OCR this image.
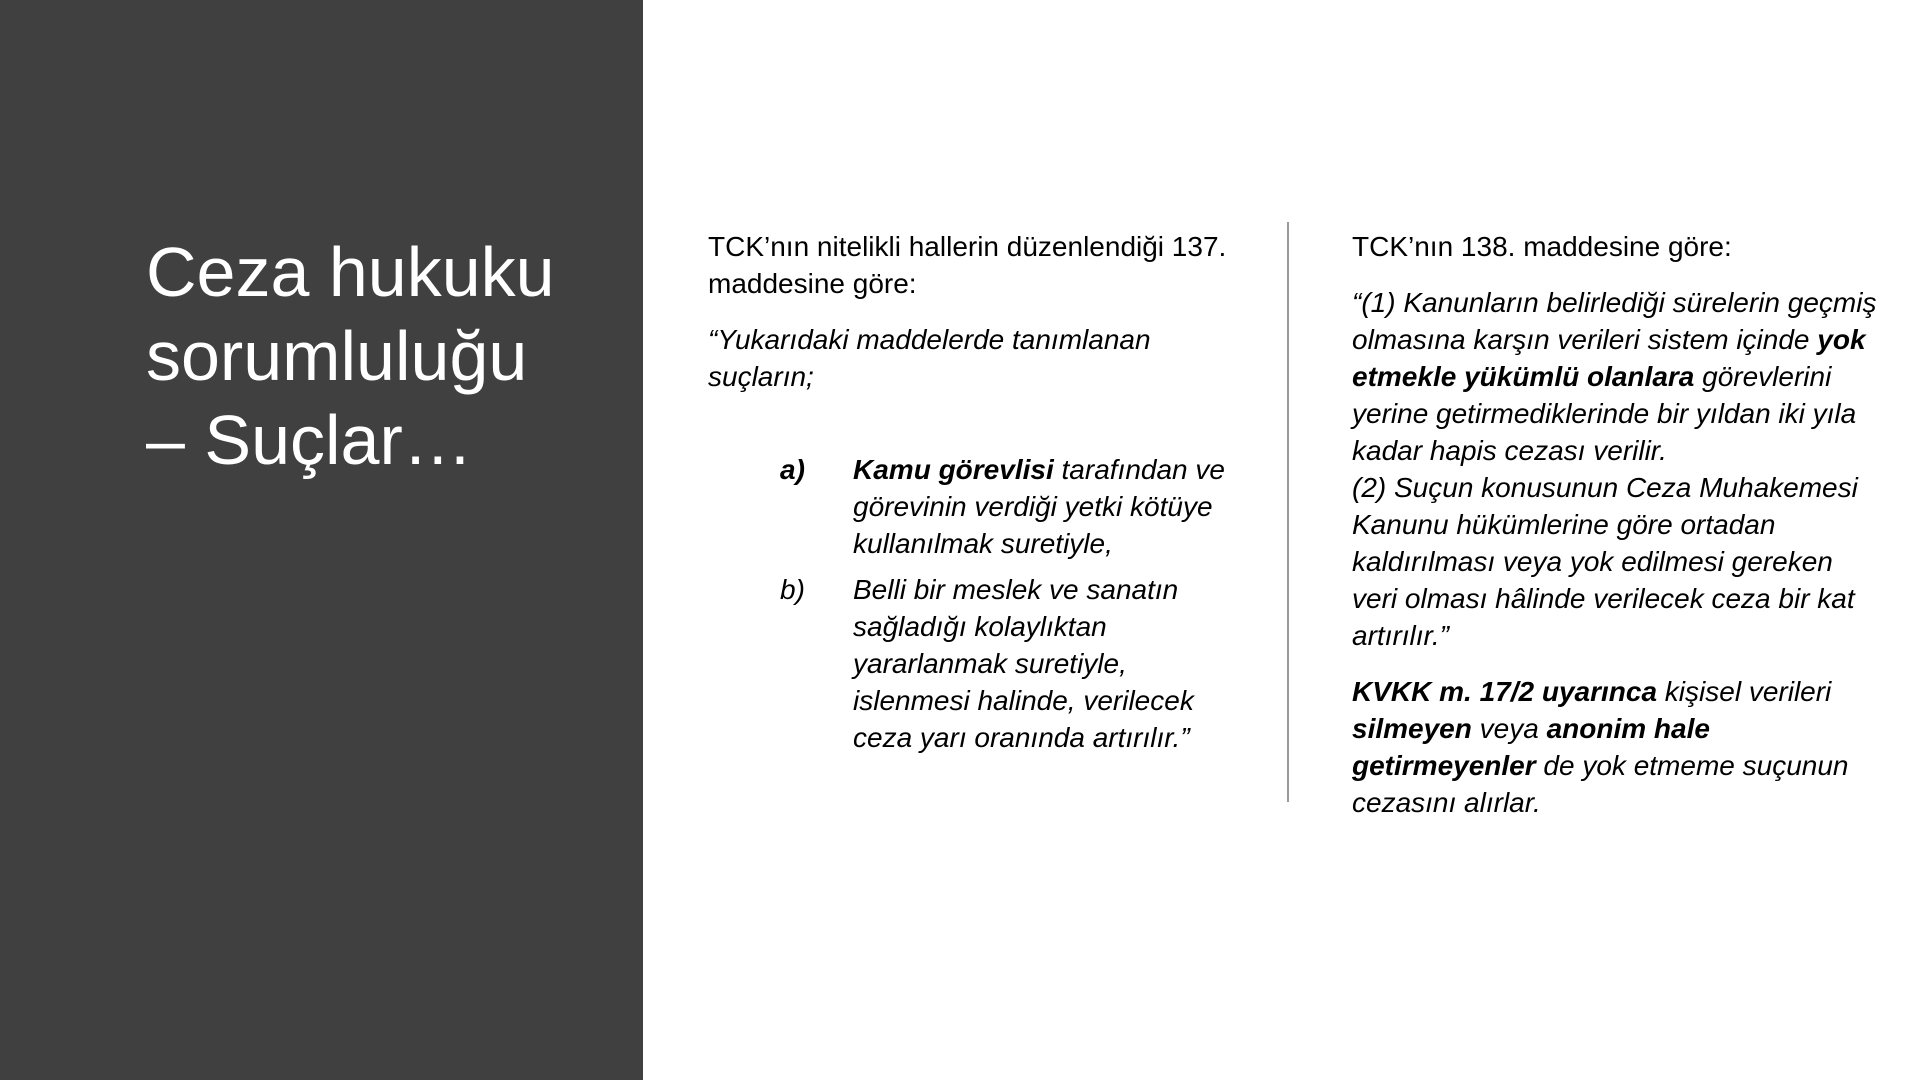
Ceza hukuku
sorumluluğu
– Suçlar…

TCK’nın nitelikli hallerin düzenlendiği 137. maddesine göre:

“Yukarıdaki maddelerde tanımlanan suçların;

a) Kamu görevlisi tarafından ve görevinin verdiği yetki kötüye kullanılmak suretiyle,
b) Belli bir meslek ve sanatın sağladığı kolaylıktan yararlanmak suretiyle, islenmesi halinde, verilecek ceza yarı oranında artırılır.”

TCK’nın 138. maddesine göre:

“(1) Kanunların belirlediği sürelerin geçmiş olmasına karşın verileri sistem içinde yok etmekle yükümlü olanlara görevlerini yerine getirmediklerinde bir yıldan iki yıla kadar hapis cezası verilir.

(2) Suçun konusunun Ceza Muhakemesi Kanunu hükümlerine göre ortadan kaldırılması veya yok edilmesi gereken veri olması hâlinde verilecek ceza bir kat artırılır.”

KVKK m. 17/2 uyarınca kişisel verileri silmeyen veya anonim hale getirmeyenler de yok etmeme suçunun cezasını alırlar.
